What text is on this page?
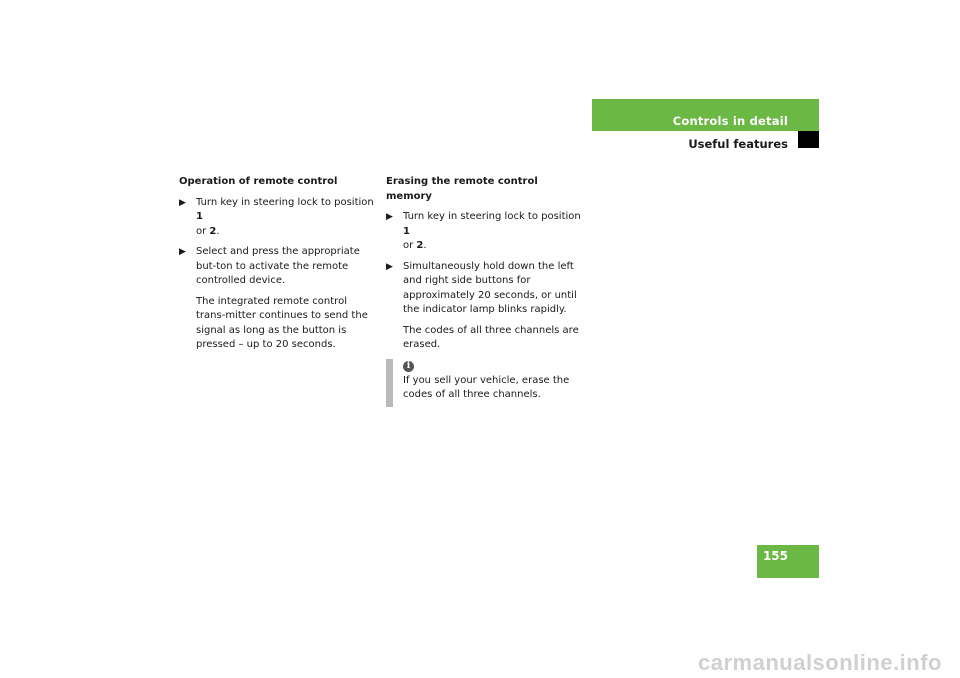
Controls in detail
Useful features
Operation of remote control
▶ Turn key in steering lock to position 1
or 2.
▶ Select and press the appropriate but-ton to activate the remote controlled device.
The integrated remote control trans-mitter continues to send the signal as long as the button is pressed – up to 20 seconds.
Erasing the remote control memory
▶ Turn key in steering lock to position 1
or 2.
▶ Simultaneously hold down the left and right side buttons for approximately 20 seconds, or until the indicator lamp blinks rapidly.
The codes of all three channels are erased.
i
If you sell your vehicle, erase the codes of all three channels.
155
carmanualsonline.info
